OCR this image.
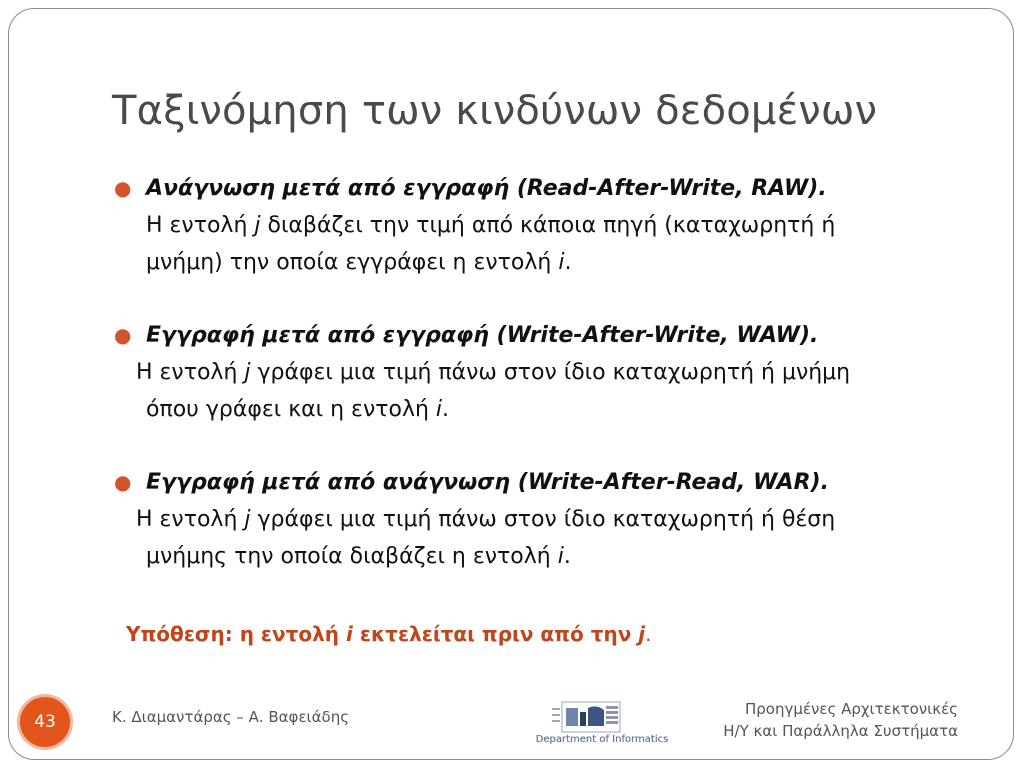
Ταξινόμηση των κινδύνων δεδομένων
● Ανάγνωση μετά από εγγραφή (Read-After-Write, RAW).
Η εντολή j διαβάζει την τιμή από κάποια πηγή (καταχωρητή ή
μνήμη) την οποία εγγράφει η εντολή i.
● Εγγραφή μετά από εγγραφή (Write-After-Write, WAW).
Η εντολή j γράφει μια τιμή πάνω στον ίδιο καταχωρητή ή μνήμη
όπου γράφει και η εντολή i.
● Εγγραφή μετά από ανάγνωση (Write-After-Read, WAR).
Η εντολή j γράφει μια τιμή πάνω στον ίδιο καταχωρητή ή θέση
μνήμης την οποία διαβάζει η εντολή i.
Υπόθεση: η εντολή i εκτελείται πριν από την j.
43	Κ. Διαμαντάρας – Α. Βαφειάδης
Department of Informatics
Προηγμένες Αρχιτεκτονικές
Η/Υ και Παράλληλα Συστήματα
